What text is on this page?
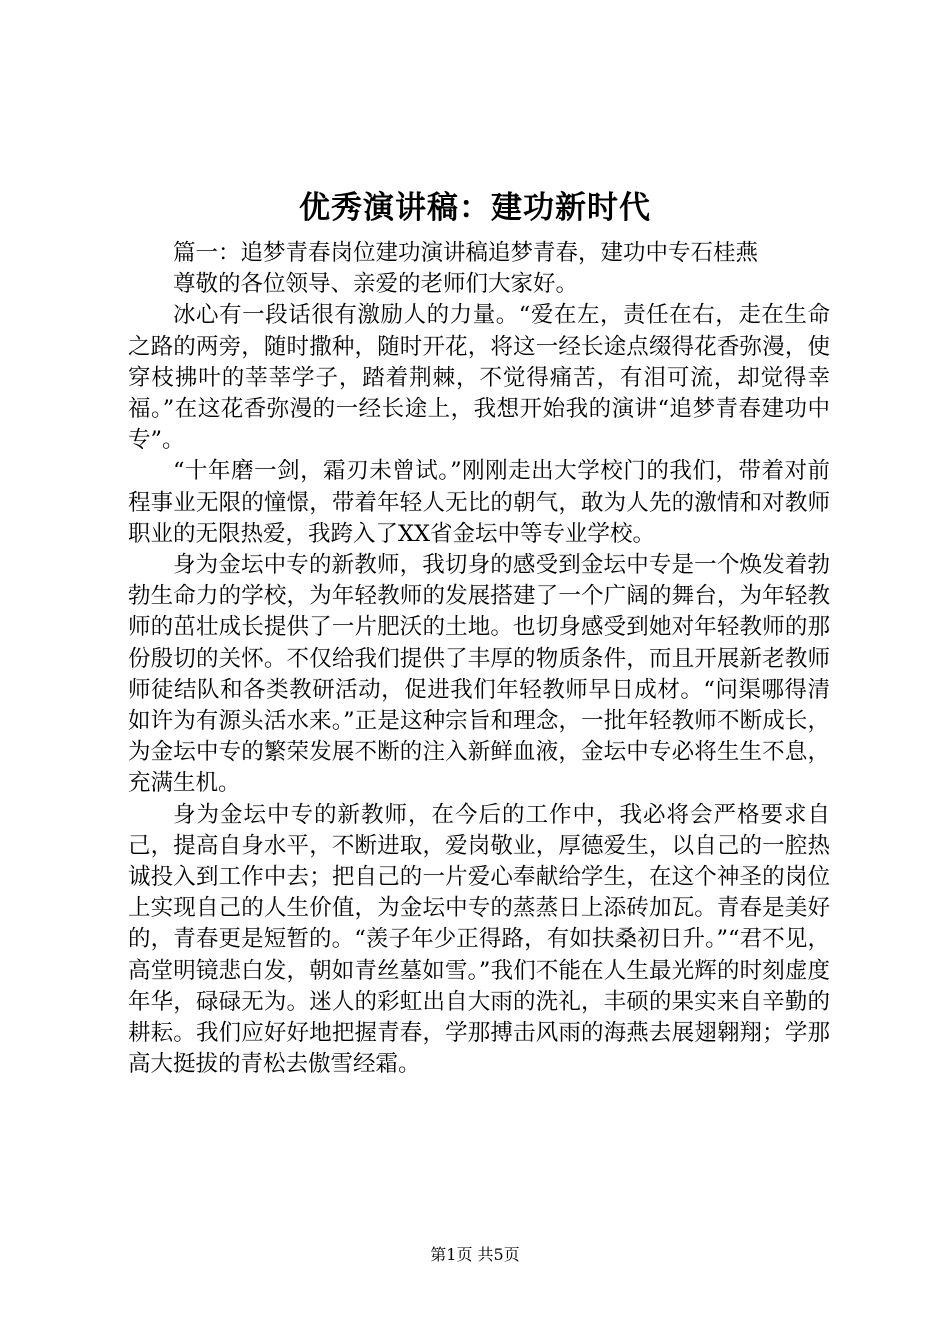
优秀演讲稿：建功新时代

篇一：追梦青春岗位建功演讲稿追梦青春，建功中专石桂燕

尊敬的各位领导、亲爱的老师们大家好。

冰心有一段话很有激励人的力量。“爱在左，责任在右，走在生命之路的两旁，随时撒种，随时开花，将这一经长途点缀得花香弥漫，使穿枝拂叶的莘莘学子，踏着荆棘，不觉得痛苦，有泪可流，却觉得幸福。”在这花香弥漫的一经长途上，我想开始我的演讲“追梦青春建功中专”。

“十年磨一剑，霜刃未曾试。”刚刚走出大学校门的我们，带着对前程事业无限的憧憬，带着年轻人无比的朝气，敢为人先的激情和对教师职业的无限热爱，我跨入了XX省金坛中等专业学校。

身为金坛中专的新教师，我切身的感受到金坛中专是一个焕发着勃勃生命力的学校，为年轻教师的发展搭建了一个广阔的舞台，为年轻教师的茁壮成长提供了一片肥沃的土地。也切身感受到她对年轻教师的那份殷切的关怀。不仅给我们提供了丰厚的物质条件，而且开展新老教师师徒结队和各类教研活动，促进我们年轻教师早日成材。“问渠哪得清如许为有源头活水来。”正是这种宗旨和理念，一批年轻教师不断成长，为金坛中专的繁荣发展不断的注入新鲜血液，金坛中专必将生生不息，充满生机。

身为金坛中专的新教师，在今后的工作中，我必将会严格要求自己，提高自身水平，不断进取，爱岗敬业，厚德爱生，以自己的一腔热诚投入到工作中去；把自己的一片爱心奉献给学生，在这个神圣的岗位上实现自己的人生价值，为金坛中专的蒸蒸日上添砖加瓦。青春是美好的，青春更是短暂的。“羡子年少正得路，有如扶桑初日升。”“君不见，高堂明镜悲白发，朝如青丝墓如雪。”我们不能在人生最光辉的时刻虚度年华，碌碌无为。迷人的彩虹出自大雨的洗礼，丰硕的果实来自辛勤的耕耘。我们应好好地把握青春，学那搏击风雨的海燕去展翅翱翔；学那高大挺拔的青松去傲雪经霜。

第1页 共5页
